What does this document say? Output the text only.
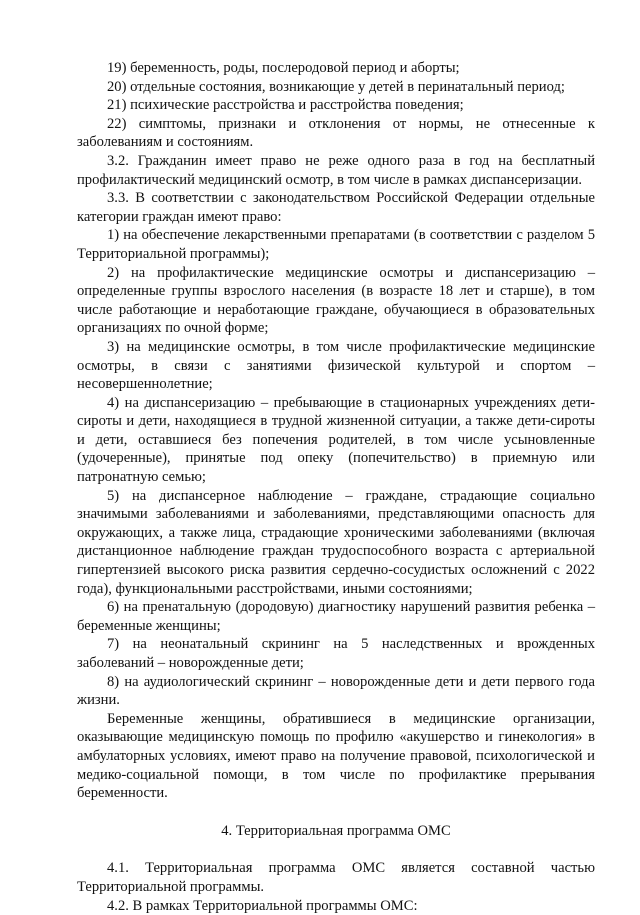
19) беременность, роды, послеродовой период и аборты;

20) отдельные состояния, возникающие у детей в перинатальный период;

21) психические расстройства и расстройства поведения;

22) симптомы, признаки и отклонения от нормы, не отнесенные к заболеваниям и состояниям.

3.2. Гражданин имеет право не реже одного раза в год на бесплатный профилактический медицинский осмотр, в том числе в рамках диспансеризации.

3.3. В соответствии с законодательством Российской Федерации отдельные категории граждан имеют право:

1) на обеспечение лекарственными препаратами (в соответствии с разделом 5 Территориальной программы);

2) на профилактические медицинские осмотры и диспансеризацию – определенные группы взрослого населения (в возрасте 18 лет и старше), в том числе работающие и неработающие граждане, обучающиеся в образовательных организациях по очной форме;

3) на медицинские осмотры, в том числе профилактические медицинские осмотры, в связи с занятиями физической культурой и спортом – несовершеннолетние;

4) на диспансеризацию – пребывающие в стационарных учреждениях дети-сироты и дети, находящиеся в трудной жизненной ситуации, а также дети-сироты и дети, оставшиеся без попечения родителей, в том числе усыновленные (удочеренные), принятые под опеку (попечительство) в приемную или патронатную семью;

5) на диспансерное наблюдение – граждане, страдающие социально значимыми заболеваниями и заболеваниями, представляющими опасность для окружающих, а также лица, страдающие хроническими заболеваниями (включая дистанционное наблюдение граждан трудоспособного возраста с артериальной гипертензией высокого риска развития сердечно-сосудистых осложнений с 2022 года), функциональными расстройствами, иными состояниями;

6) на пренатальную (дородовую) диагностику нарушений развития ребенка – беременные женщины;

7) на неонатальный скрининг на 5 наследственных и врожденных заболеваний – новорожденные дети;

8) на аудиологический скрининг – новорожденные дети и дети первого года жизни.

Беременные женщины, обратившиеся в медицинские организации, оказывающие медицинскую помощь по профилю «акушерство и гинекология» в амбулаторных условиях, имеют право на получение правовой, психологической и медико-социальной помощи, в том числе по профилактике прерывания беременности.

4. Территориальная программа ОМС

4.1. Территориальная программа ОМС является составной частью Территориальной программы.

4.2. В рамках Территориальной программы ОМС:
